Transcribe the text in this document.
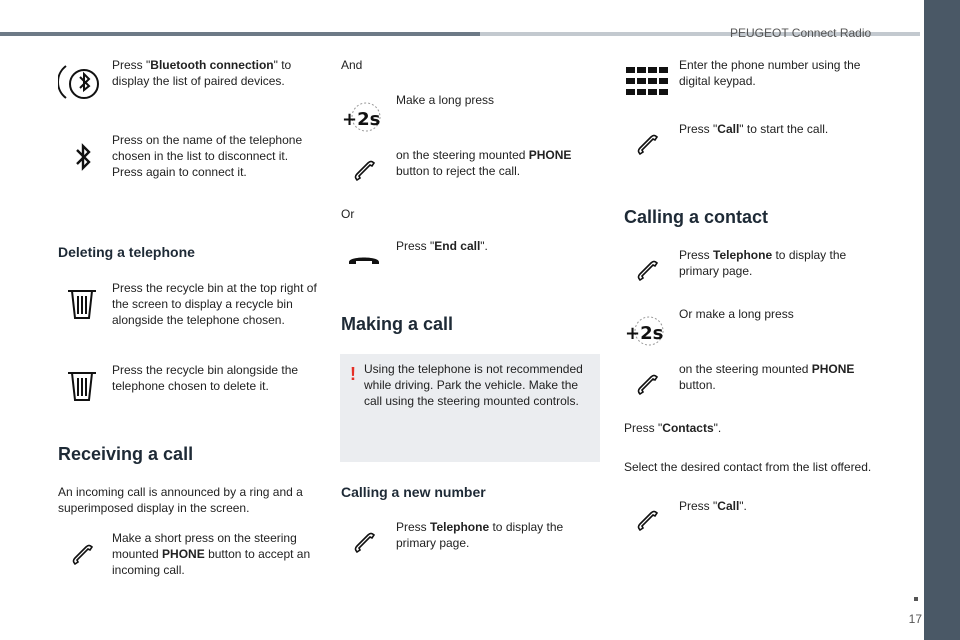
PEUGEOT Connect Radio
17
Press "Bluetooth connection" to display the list of paired devices.
Press on the name of the telephone chosen in the list to disconnect it. Press again to connect it.
Deleting a telephone
Press the recycle bin at the top right of the screen to display a recycle bin alongside the telephone chosen.
Press the recycle bin alongside the telephone chosen to delete it.
Receiving a call
An incoming call is announced by a ring and a superimposed display in the screen.
Make a short press on the steering mounted PHONE button to accept an incoming call.
And
+2s
Make a long press
on the steering mounted PHONE button to reject the call.
Or
Press "End call".
Making a call
! Using the telephone is not recommended while driving. Park the vehicle. Make the call using the steering mounted controls.
Calling a new number
Press Telephone to display the primary page.
Enter the phone number using the digital keypad.
Press "Call" to start the call.
Calling a contact
Press Telephone to display the primary page.
+2s
Or make a long press
on the steering mounted PHONE button.
Press "Contacts".
Select the desired contact from the list offered.
Press "Call".
